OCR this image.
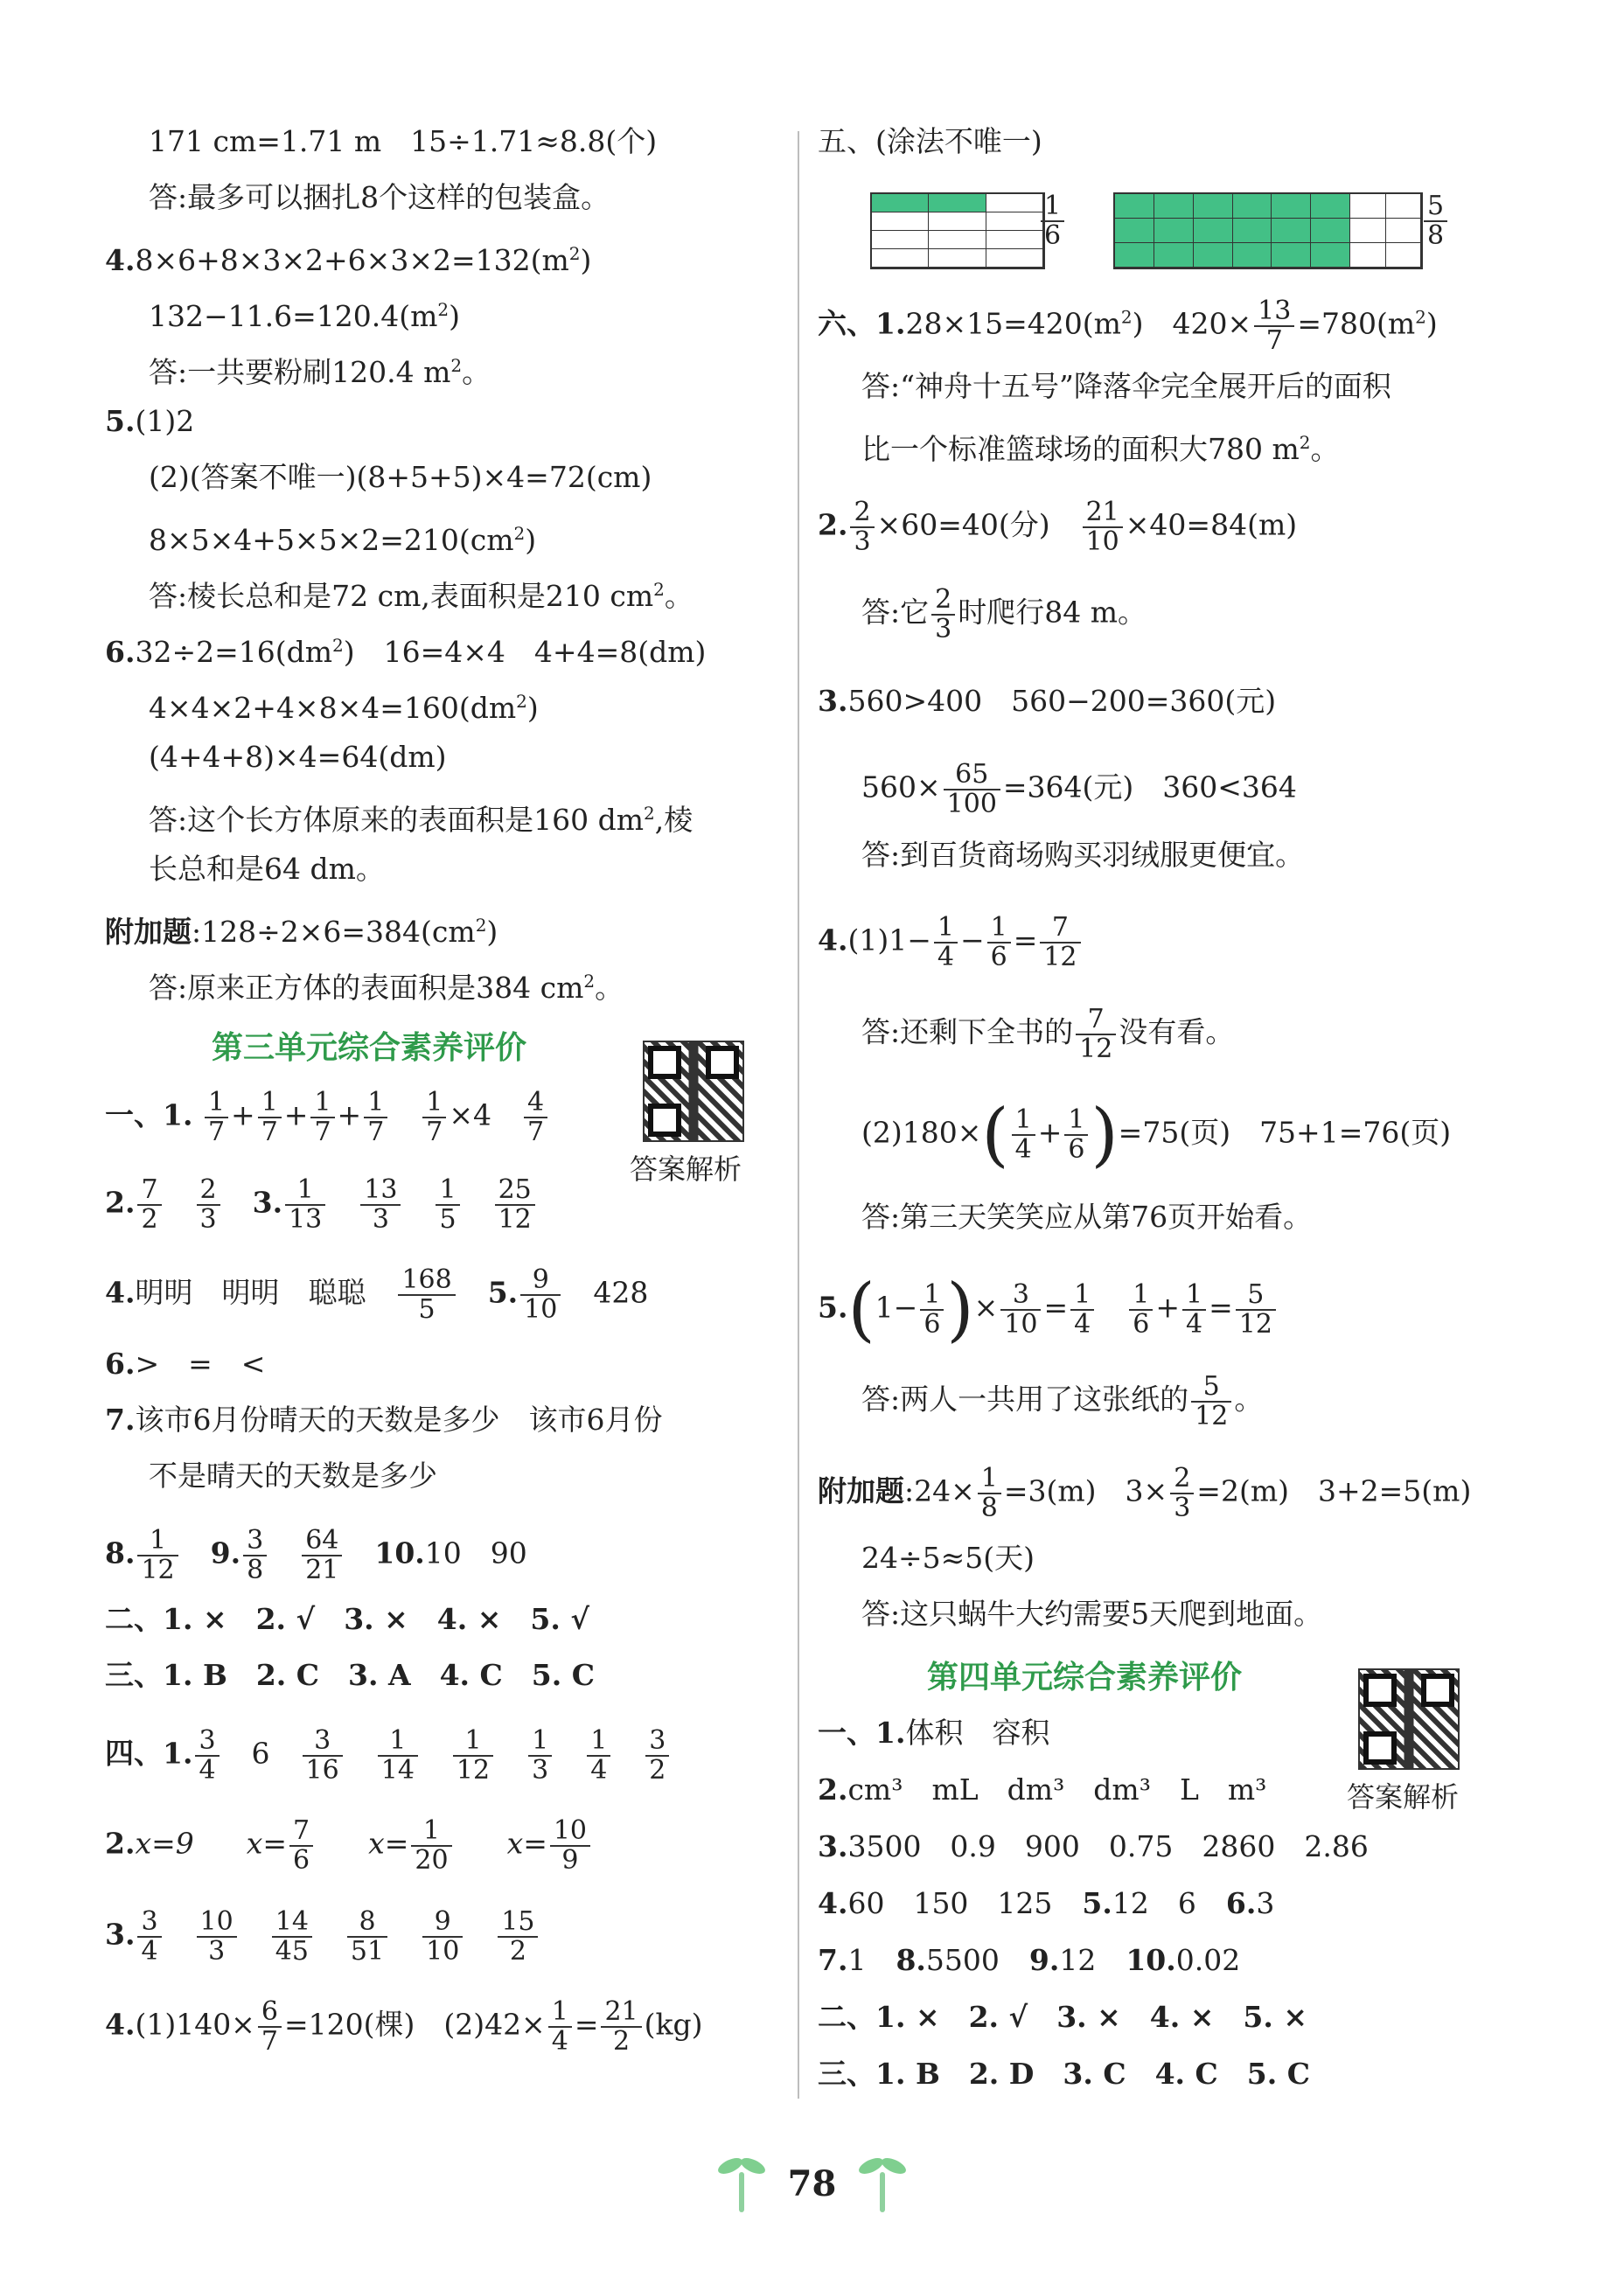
171 cm=1.71 m　15÷1.71≈8.8(个)
答:最多可以捆扎8个这样的包装盒。
$4.8\times 6+8\times 3\times 2+6\times 3\times 2=132(m^2)$
$132-11.6=120.4(m^2)$
答:一共要粉刷120.4 $m^2$。
5.(1)2
(2)(答案不唯一)(8+5+5)×4=72(cm)
$8\times 5\times 4+5\times 5\times 2=210(cm^2)$
答:棱长总和是72 cm,表面积是210 $cm^2$。
$6.32\div 2=16(dm^2)$　16=4×4　4+4=8(dm)
$4\times 4\times 2+4\times 8\times 4=160(dm^2)$
(4+4+8)×4=64(dm)
答:这个长方体原来的表面积是160 $dm^2$,棱
长总和是64 dm。
附加题$:128\div 2\times 6=384(cm^2)$
答:原来正方体的表面积是384 $cm^2$。
第三单元综合素养评价
答案解析
一、1. $\frac{1}{7} + \frac{1}{7} + \frac{1}{7} + \frac{1}{7} \frac{1}{7} \times 4 \frac{4}{7}$
2. $\frac{7}{2} \frac{2}{3} 3$. $\frac{1}{13} \frac{13}{3} \frac{1}{5} \frac{25}{12}$
4.明明　明明　聪聪 $\frac{168}{5} 5$. $\frac{9}{10} 428$
6.>　=　<
7.该市6月份晴天的天数是多少　该市6月份
不是晴天的天数是多少
8. $\frac{1}{12} 9$. $\frac{3}{8} \frac{64}{21} 10.10$　90
二、1. ×　2. √　3. ×　4. ×　5. √
三、1. B　2. C　3. A　4. C　5. C
四、1. $\frac{3}{4} 6 \frac{3}{16} \frac{1}{14} \frac{1}{12} \frac{1}{3} \frac{1}{4} \frac{3}{2}$
2.x=9 $x= \frac{7}{6} x= \frac{1}{20} x= \frac{10}{9}$
3. $\frac{3}{4} \frac{10}{3} \frac{14}{45} \frac{8}{51} \frac{9}{10} \frac{15}{2}$
$4.(1)140\times \frac{6}{7} =120$(棵)　$(2)42\times \frac{1}{4} = \frac{21}{2} (kg)$
五、(涂法不唯一)
$\frac{1}{6}$	$\frac{5}{8}$
六、$1.28\times 15=420(m^2)$　$420\times \frac{13}{7} =780(m^2)$
答:“神舟十五号”降落伞完全展开后的面积
比一个标准篮球场的面积大780 $m^2$。
2. $\frac{2}{3} \times 60=40$(分) $\frac{21}{10} \times 40=84(m)$
答:它 $\frac{2}{3}$ 时爬行84 m。
3.560>400　560−200=360(元)
$560\times \frac{65}{100} =364$(元)　360<364
答:到百货商场购买羽绒服更便宜。
$4.(1)1- \frac{1}{4} - \frac{1}{6} = \frac{7}{12}$
答:还剩下全书的 $\frac{7}{12}$ 没有看。
$(2)180\times( \frac{1}{4} + \frac{1}{6} )=75$(页)　75+1=76(页)
答:第三天笑笑应从第76页开始看。
$5.(1- \frac{1}{6}$ )× $\frac{3}{10} = \frac{1}{4} \frac{1}{6} + \frac{1}{4} = \frac{5}{12}$
答:两人一共用了这张纸的 $\frac{5}{12}$ 。
附加题:24× $\frac{1}{8} =3(m)$　$3\times \frac{2}{3} =2(m)$　3+2=5(m)
24÷5≈5(天)
答:这只蜗牛大约需要5天爬到地面。
第四单元综合素养评价
答案解析
一、1.体积　容积
2.cm³　mL　dm³　dm³　L　m³
3.3500　0.9　900　0.75　2860　2.86
4.60　150　125 5.12　6 6.3
7.1 8.5500 9.12 10.0.02
二、1. ×　2. √　3. ×　4. ×　5. ×
三、1. B　2. D　3. C　4. C　5. C
78
